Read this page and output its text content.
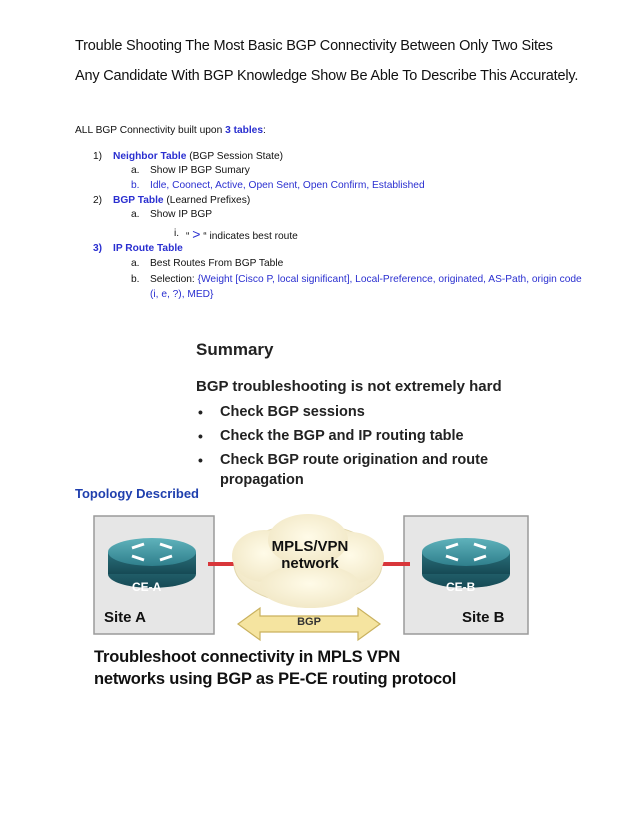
Trouble Shooting The Most Basic BGP Connectivity Between Only Two Sites
Any Candidate With BGP Knowledge Show Be Able To Describe This Accurately.
ALL BGP Connectivity built upon 3 tables:
1) Neighbor Table (BGP Session State)
a. Show IP BGP Sumary
b. Idle, Coonect, Active, Open Sent, Open Confirm, Established
2) BGP Table (Learned Prefixes)
a. Show IP BGP
i. “ > “ indicates best route
3) IP Route Table
a. Best Routes From BGP Table
b. Selection: {Weight [Cisco P, local significant], Local-Preference, originated, AS-Path, origin code
(i, e, ?), MED}
Summary
BGP troubleshooting is not extremely hard
• Check BGP sessions
• Check the BGP and IP routing table
• Check BGP route origination and route
propagation
Topology Described
MPLS/VPN
network
CE-A	CE-B
Site A	Site B
BGP
Troubleshoot connectivity in MPLS VPN
networks using BGP as PE-CE routing protocol
